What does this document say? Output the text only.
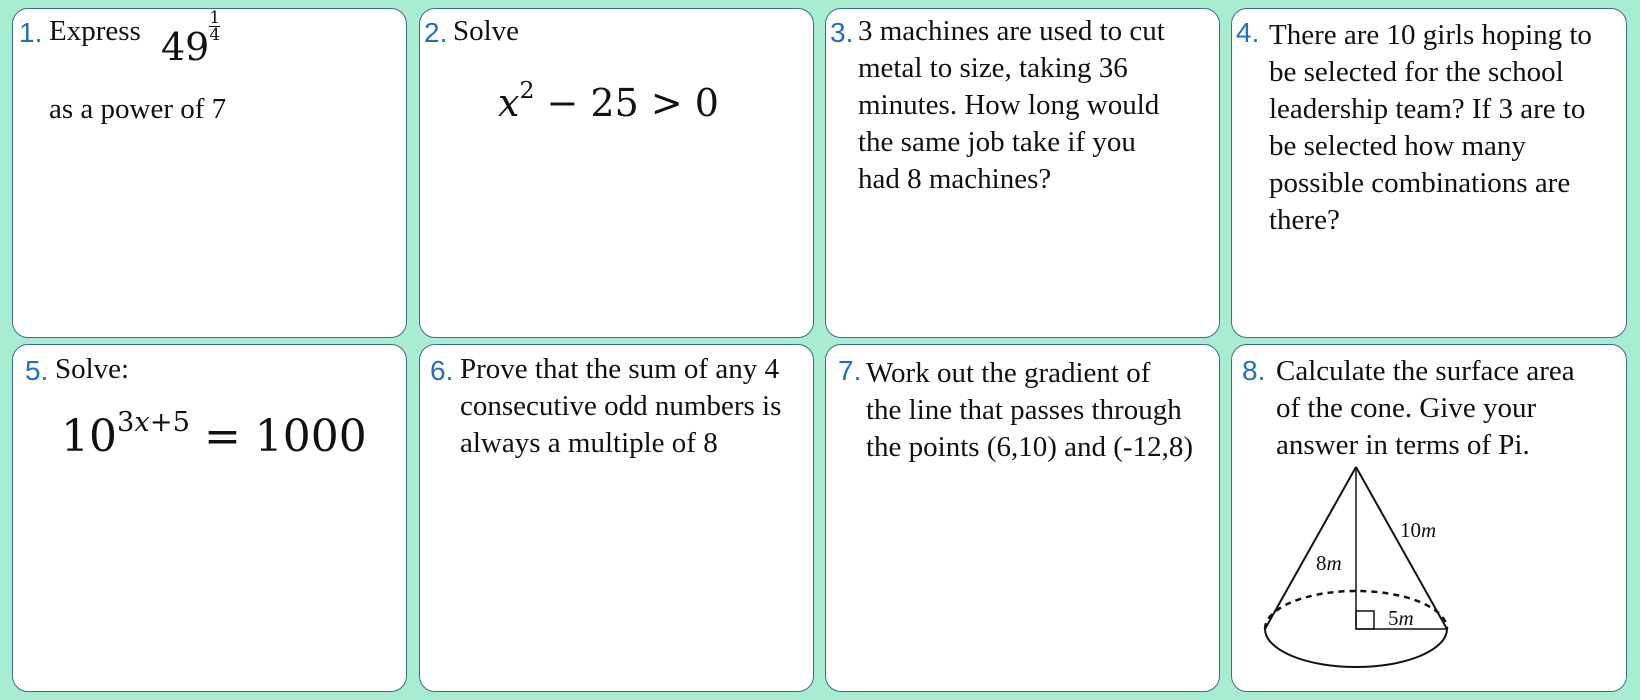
1. Express $49\frac{1}{4}$
as a power of 7
2. Solve
$x^2 - 25 > 0$
3. 3 machines are used to cut
metal to size, taking 36
minutes. How long would
the same job take if you
had 8 machines?
4. There are 10 girls hoping to
be selected for the school
leadership team? If 3 are to
be selected how many
possible combinations are
there?
5. Solve:
$10^{3x+5} = 1000$
6. Prove that the sum of any 4
consecutive odd numbers is
always a multiple of 8
7. Work out the gradient of
the line that passes through
the points (6,10) and (-12,8)
8. Calculate the surface area
of the cone. Give your
answer in terms of Pi.
8m
10m
5m
